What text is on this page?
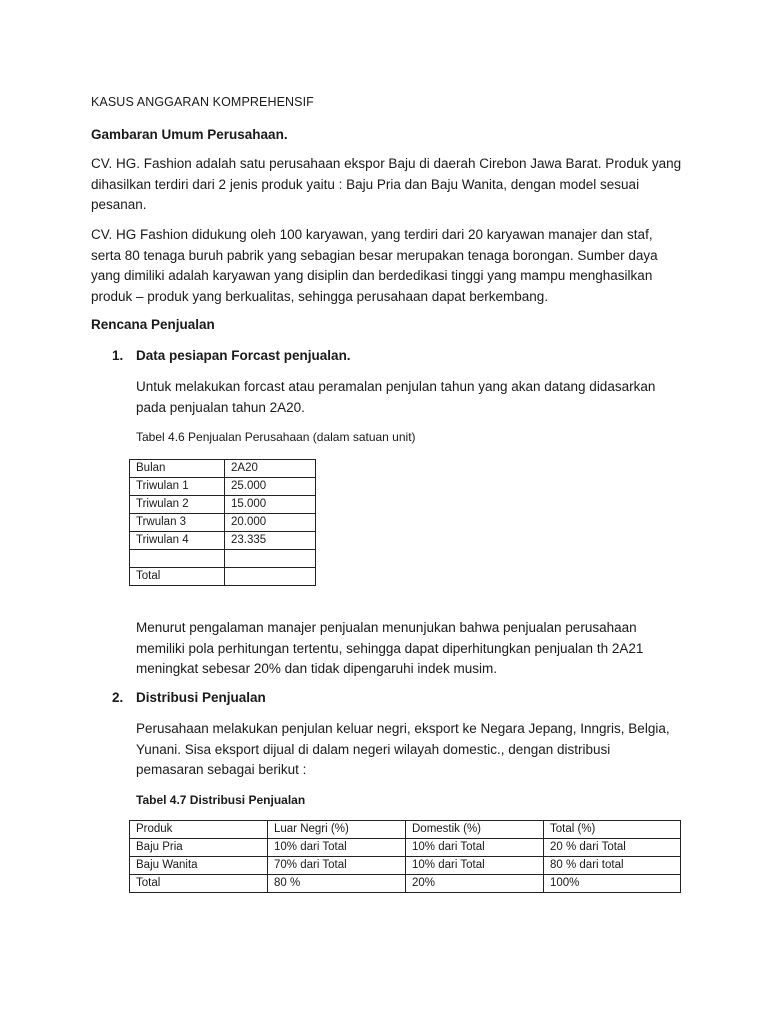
KASUS ANGGARAN KOMPREHENSIF
Gambaran Umum Perusahaan.
CV. HG. Fashion adalah satu perusahaan ekspor Baju di daerah Cirebon Jawa Barat. Produk yang
dihasilkan terdiri dari 2 jenis produk yaitu : Baju Pria dan Baju Wanita, dengan model sesuai
pesanan.
CV. HG Fashion didukung oleh 100 karyawan, yang terdiri dari 20 karyawan manajer dan staf,
serta 80 tenaga buruh pabrik yang sebagian besar merupakan tenaga borongan. Sumber daya
yang dimiliki adalah karyawan yang disiplin dan berdedikasi tinggi yang mampu menghasilkan
produk – produk yang berkualitas, sehingga perusahaan dapat berkembang.
Rencana Penjualan
1. Data pesiapan Forcast penjualan.
Untuk melakukan forcast atau peramalan penjulan tahun yang akan datang didasarkan
pada penjualan tahun 2A20.
Tabel 4.6 Penjualan Perusahaan (dalam satuan unit)
Bulan	2A20
Triwulan 1	25.000
Triwulan 2	15.000
Trwulan 3	20.000
Triwulan 4	23.335

Total	
Menurut pengalaman manajer penjualan menunjukan bahwa penjualan perusahaan
memiliki pola perhitungan tertentu, sehingga dapat diperhitungkan penjualan th 2A21
meningkat sebesar 20% dan tidak dipengaruhi indek musim.
2. Distribusi Penjualan
Perusahaan melakukan penjulan keluar negri, eksport ke Negara Jepang, Inngris, Belgia,
Yunani. Sisa eksport dijual di dalam negeri wilayah domestic., dengan distribusi
pemasaran sebagai berikut :
Tabel 4.7 Distribusi Penjualan
Produk	Luar Negri (%)	Domestik (%)	Total (%)
Baju Pria	10% dari Total	10% dari Total	20 % dari Total
Baju Wanita	70% dari Total	10% dari Total	80 % dari total
Total	80 %	20%	100%
